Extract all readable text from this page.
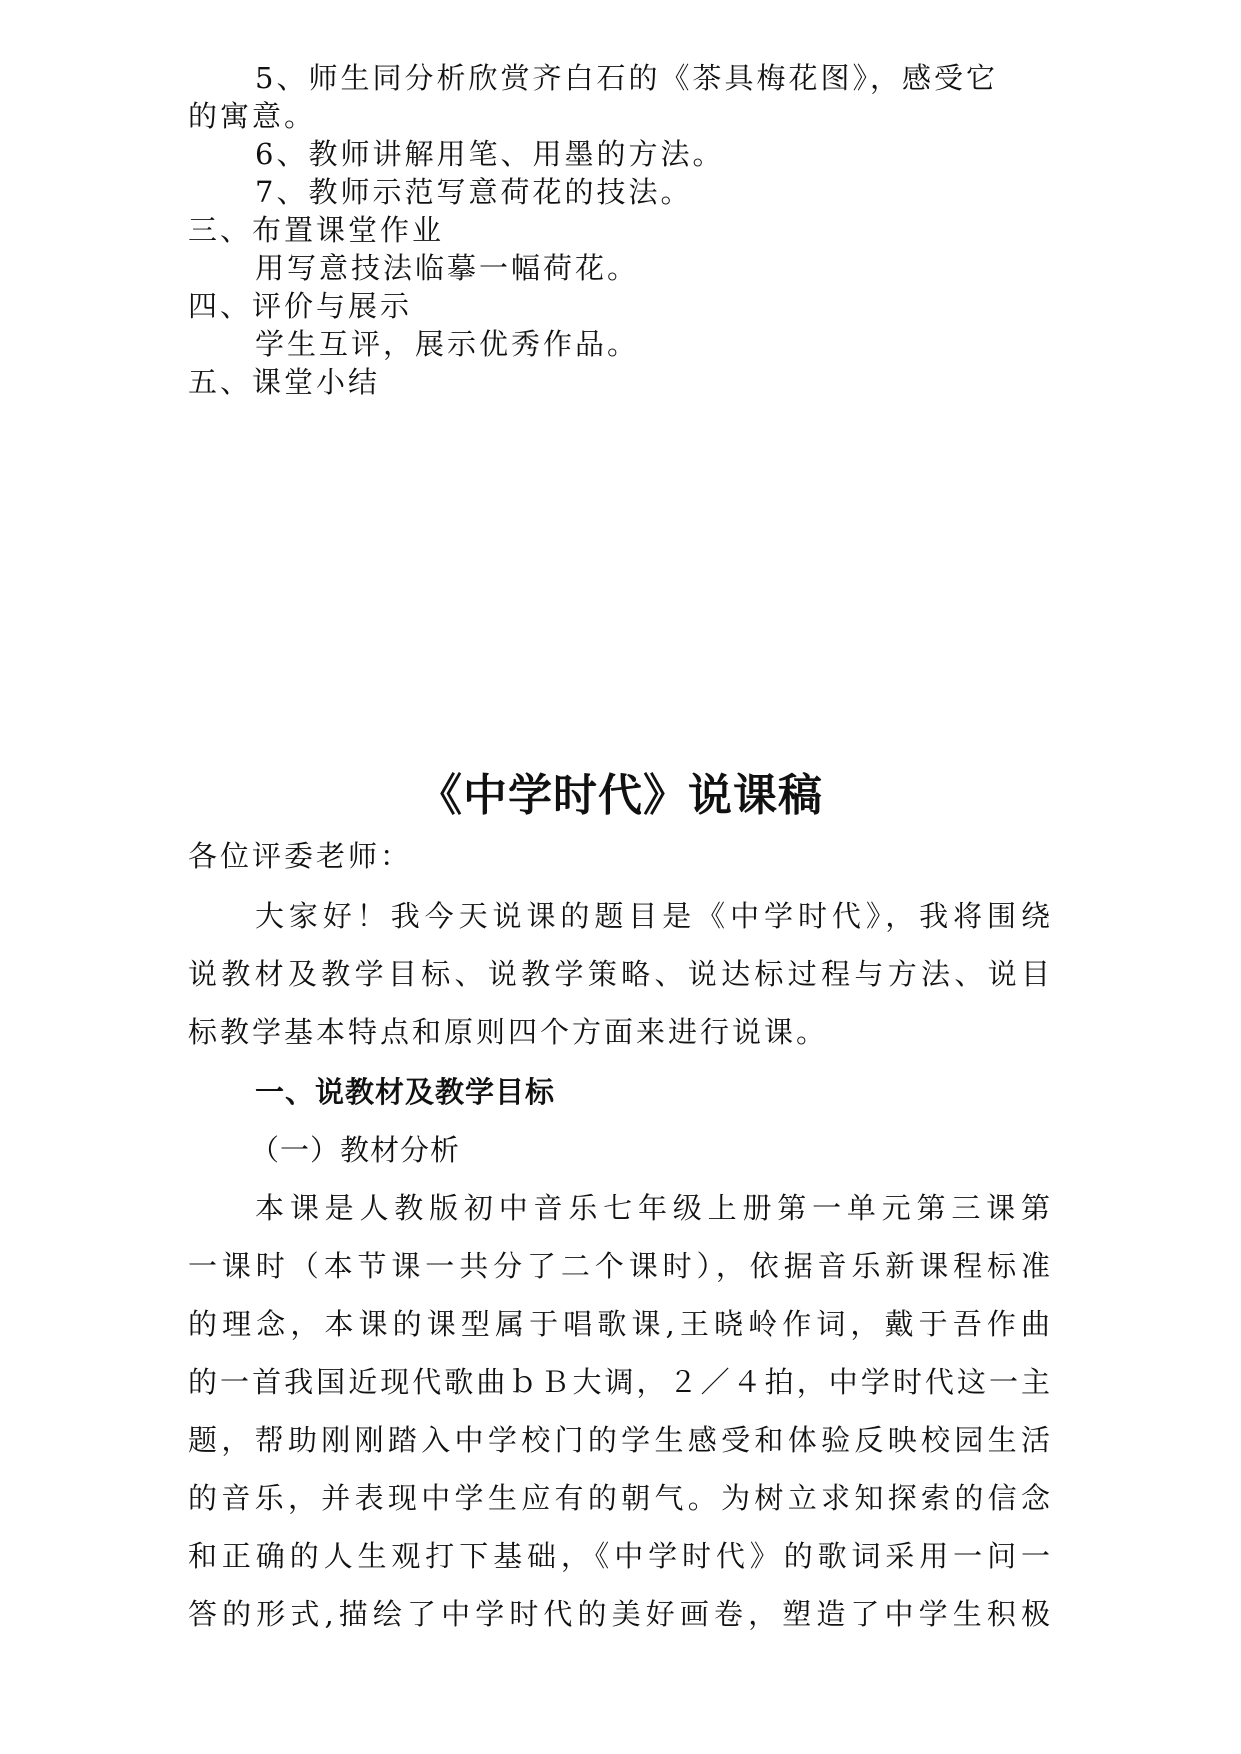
5、师生同分析欣赏齐白石的《茶具梅花图》，感受它

的寓意。

6、教师讲解用笔、用墨的方法。

7、教师示范写意荷花的技法。

三、布置课堂作业

用写意技法临摹一幅荷花。

四、评价与展示

学生互评，展示优秀作品。

五、课堂小结

《中学时代》说课稿

各位评委老师：

大家好！我今天说课的题目是《中学时代》，我将围绕

说教材及教学目标、说教学策略、说达标过程与方法、说目

标教学基本特点和原则四个方面来进行说课。

一、说教材及教学目标

（一）教材分析

本课是人教版初中音乐七年级上册第一单元第三课第

一课时（本节课一共分了二个课时），依据音乐新课程标准

的理念，本课的课型属于唱歌课,王晓岭作词，戴于吾作曲

的一首我国近现代歌曲ｂＢ大调，２／４拍，中学时代这一主

题，帮助刚刚踏入中学校门的学生感受和体验反映校园生活

的音乐，并表现中学生应有的朝气。为树立求知探索的信念

和正确的人生观打下基础，《中学时代》的歌词采用一问一

答的形式,描绘了中学时代的美好画卷，塑造了中学生积极
